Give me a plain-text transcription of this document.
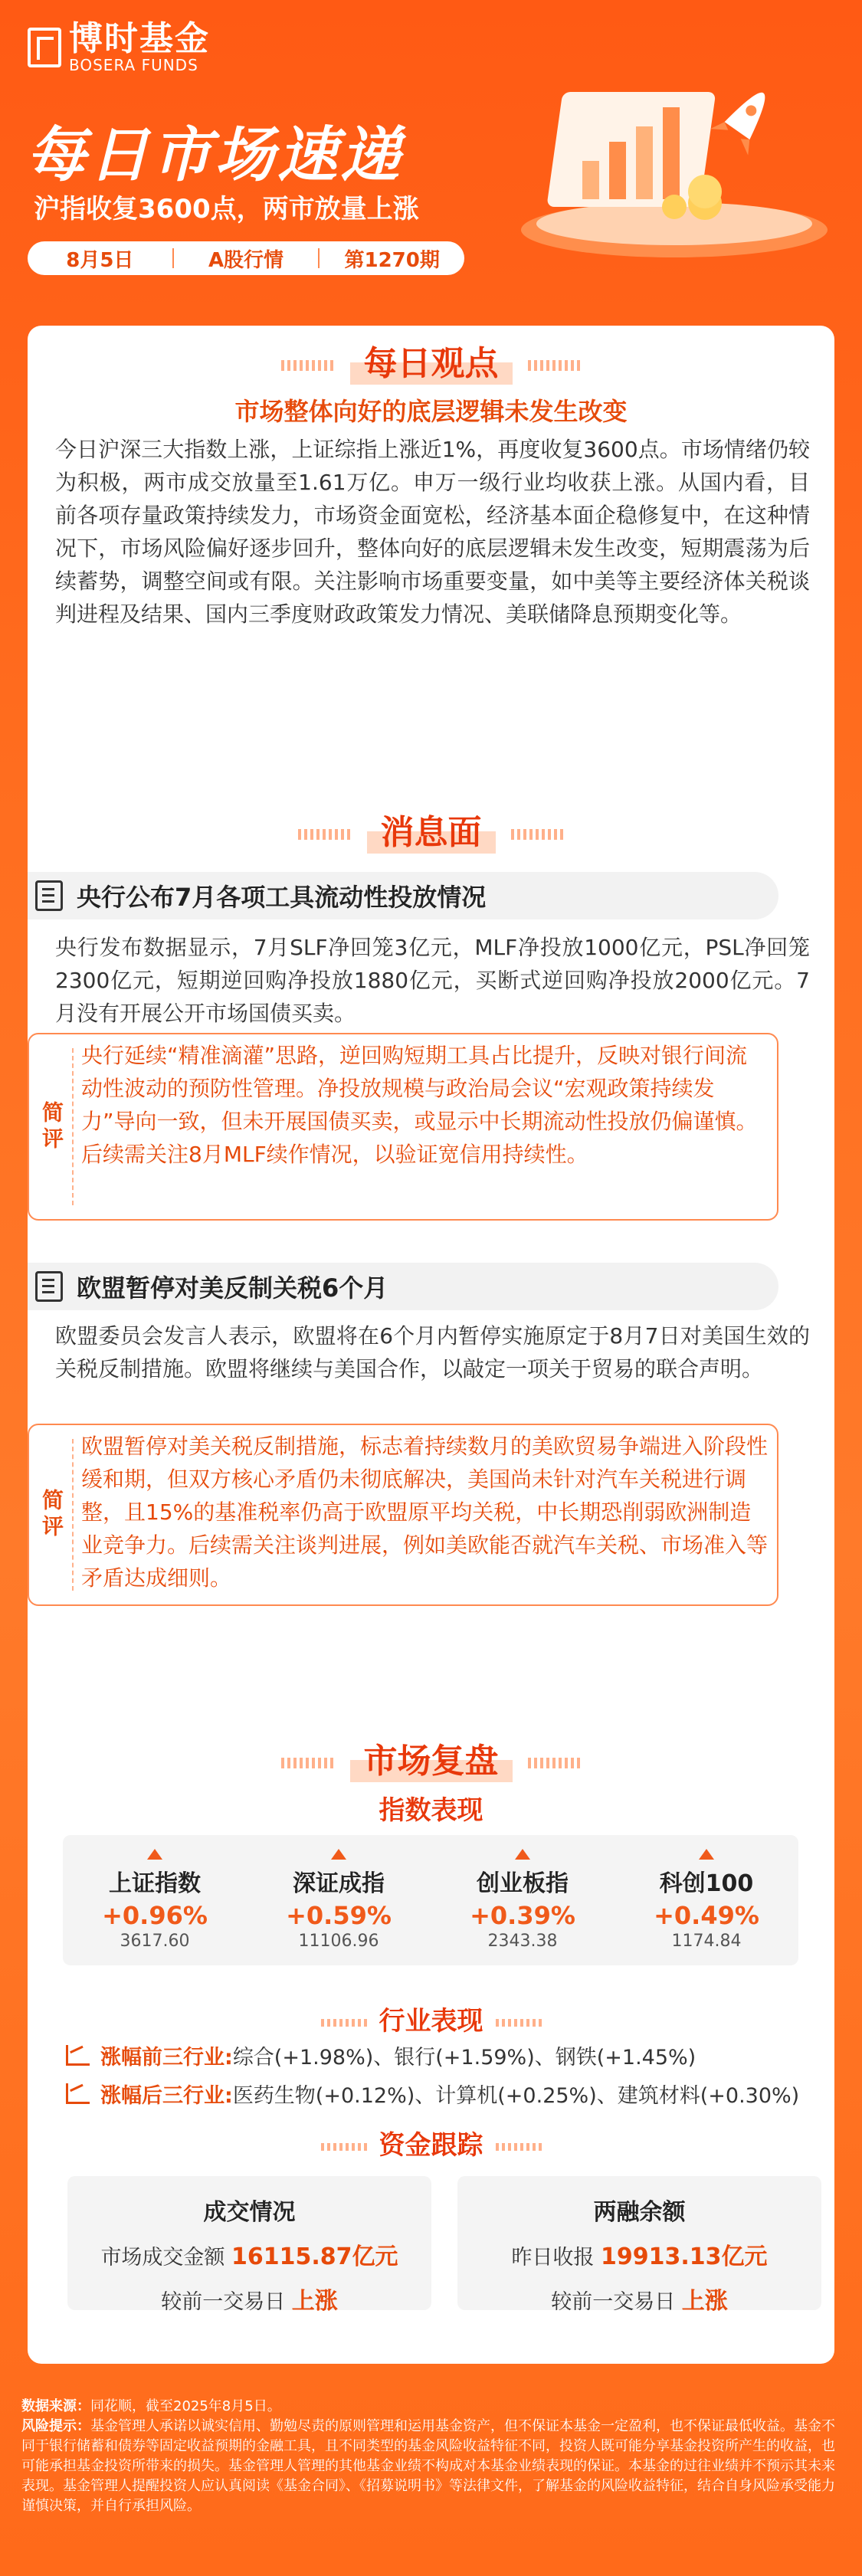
博时基金
BOSERA FUNDS
每日市场速递
沪指收复3600点，两市放量上涨
8月5日	A股行情	第1270期
每日观点
市场整体向好的底层逻辑未发生改变
今日沪深三大指数上涨，上证综指上涨近1%，再度收复3600点。市场情绪仍较为积极，两市成交放量至1.61万亿。申万一级行业均收获上涨。从国内看，目前各项存量政策持续发力，市场资金面宽松，经济基本面企稳修复中，在这种情况下，市场风险偏好逐步回升，整体向好的底层逻辑未发生改变，短期震荡为后续蓄势，调整空间或有限。关注影响市场重要变量，如中美等主要经济体关税谈判进程及结果、国内三季度财政政策发力情况、美联储降息预期变化等。
消息面
央行公布7月各项工具流动性投放情况
央行发布数据显示，7月SLF净回笼3亿元，MLF净投放1000亿元，PSL净回笼2300亿元，短期逆回购净投放1880亿元，买断式逆回购净投放2000亿元。7月没有开展公开市场国债买卖。
简评
央行延续“精准滴灌”思路，逆回购短期工具占比提升，反映对银行间流动性波动的预防性管理。净投放规模与政治局会议“宏观政策持续发力”导向一致，但未开展国债买卖，或显示中长期流动性投放仍偏谨慎。后续需关注8月MLF续作情况，以验证宽信用持续性。
欧盟暂停对美反制关税6个月
欧盟委员会发言人表示，欧盟将在6个月内暂停实施原定于8月7日对美国生效的关税反制措施。欧盟将继续与美国合作，以敲定一项关于贸易的联合声明。
简评
欧盟暂停对美关税反制措施，标志着持续数月的美欧贸易争端进入阶段性缓和期，但双方核心矛盾仍未彻底解决，美国尚未针对汽车关税进行调整，且15%的基准税率仍高于欧盟原平均关税，中长期恐削弱欧洲制造业竞争力。后续需关注谈判进展，例如美欧能否就汽车关税、市场准入等矛盾达成细则。
市场复盘
指数表现
上证指数
+0.96%
3617.60
深证成指
+0.59%
11106.96
创业板指
+0.39%
2343.38
科创100
+0.49%
1174.84
行业表现
涨幅前三行业: 综合(+1.98%)、银行(+1.59%)、钢铁(+1.45%)
涨幅后三行业: 医药生物(+0.12%)、计算机(+0.25%)、建筑材料(+0.30%)
资金跟踪
成交情况
市场成交金额 16115.87亿元
较前一交易日 上涨
两融余额
昨日收报 19913.13亿元
较前一交易日 上涨
数据来源：同花顺，截至2025年8月5日。
风险提示：基金管理人承诺以诚实信用、勤勉尽责的原则管理和运用基金资产，但不保证本基金一定盈利，也不保证最低收益。基金不同于银行储蓄和债券等固定收益预期的金融工具，且不同类型的基金风险收益特征不同，投资人既可能分享基金投资所产生的收益，也可能承担基金投资所带来的损失。基金管理人管理的其他基金业绩不构成对本基金业绩表现的保证。本基金的过往业绩并不预示其未来表现。基金管理人提醒投资人应认真阅读《基金合同》、《招募说明书》等法律文件，了解基金的风险收益特征，结合自身风险承受能力谨慎决策，并自行承担风险。
